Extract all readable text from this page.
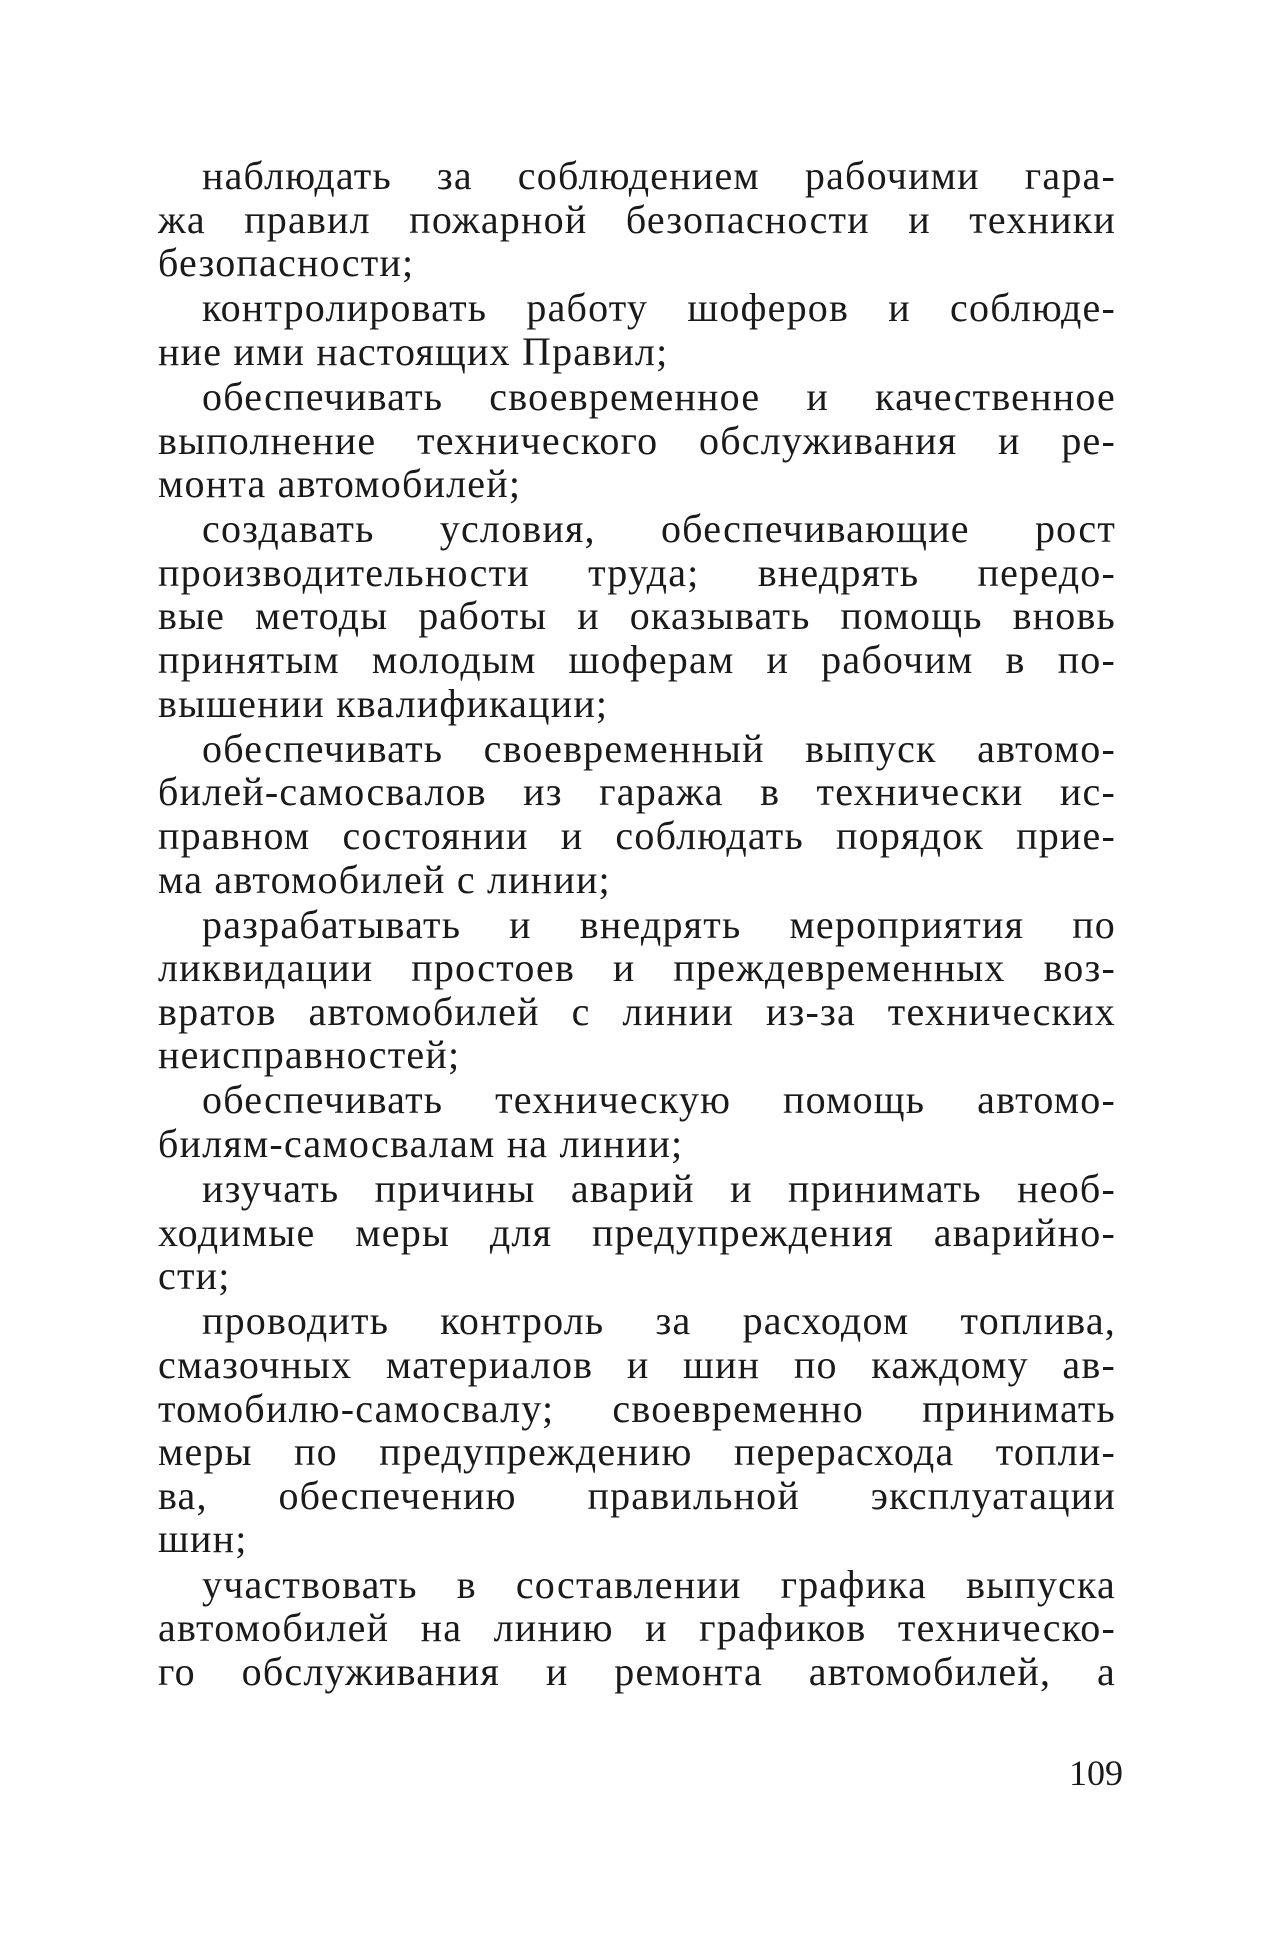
наблюдать за соблюдением рабочими гара-
жа правил пожарной безопасности и техники
безопасности;
контролировать работу шоферов и соблюде-
ние ими настоящих Правил;
обеспечивать своевременное и качественное
выполнение технического обслуживания и ре-
монта автомобилей;
создавать условия, обеспечивающие рост
производительности труда; внедрять передо-
вые методы работы и оказывать помощь вновь
принятым молодым шоферам и рабочим в по-
вышении квалификации;
обеспечивать своевременный выпуск автомо-
билей-самосвалов из гаража в технически ис-
правном состоянии и соблюдать порядок прие-
ма автомобилей с линии;
разрабатывать и внедрять мероприятия по
ликвидации простоев и преждевременных воз-
вратов автомобилей с линии из-за технических
неисправностей;
обеспечивать техническую помощь автомо-
билям-самосвалам на линии;
изучать причины аварий и принимать необ-
ходимые меры для предупреждения аварийно-
сти;
проводить контроль за расходом топлива,
смазочных материалов и шин по каждому ав-
томобилю-самосвалу; своевременно принимать
меры по предупреждению перерасхода топли-
ва, обеспечению правильной эксплуатации
шин;
участвовать в составлении графика выпуска
автомобилей на линию и графиков техническо-
го обслуживания и ремонта автомобилей, а
109
